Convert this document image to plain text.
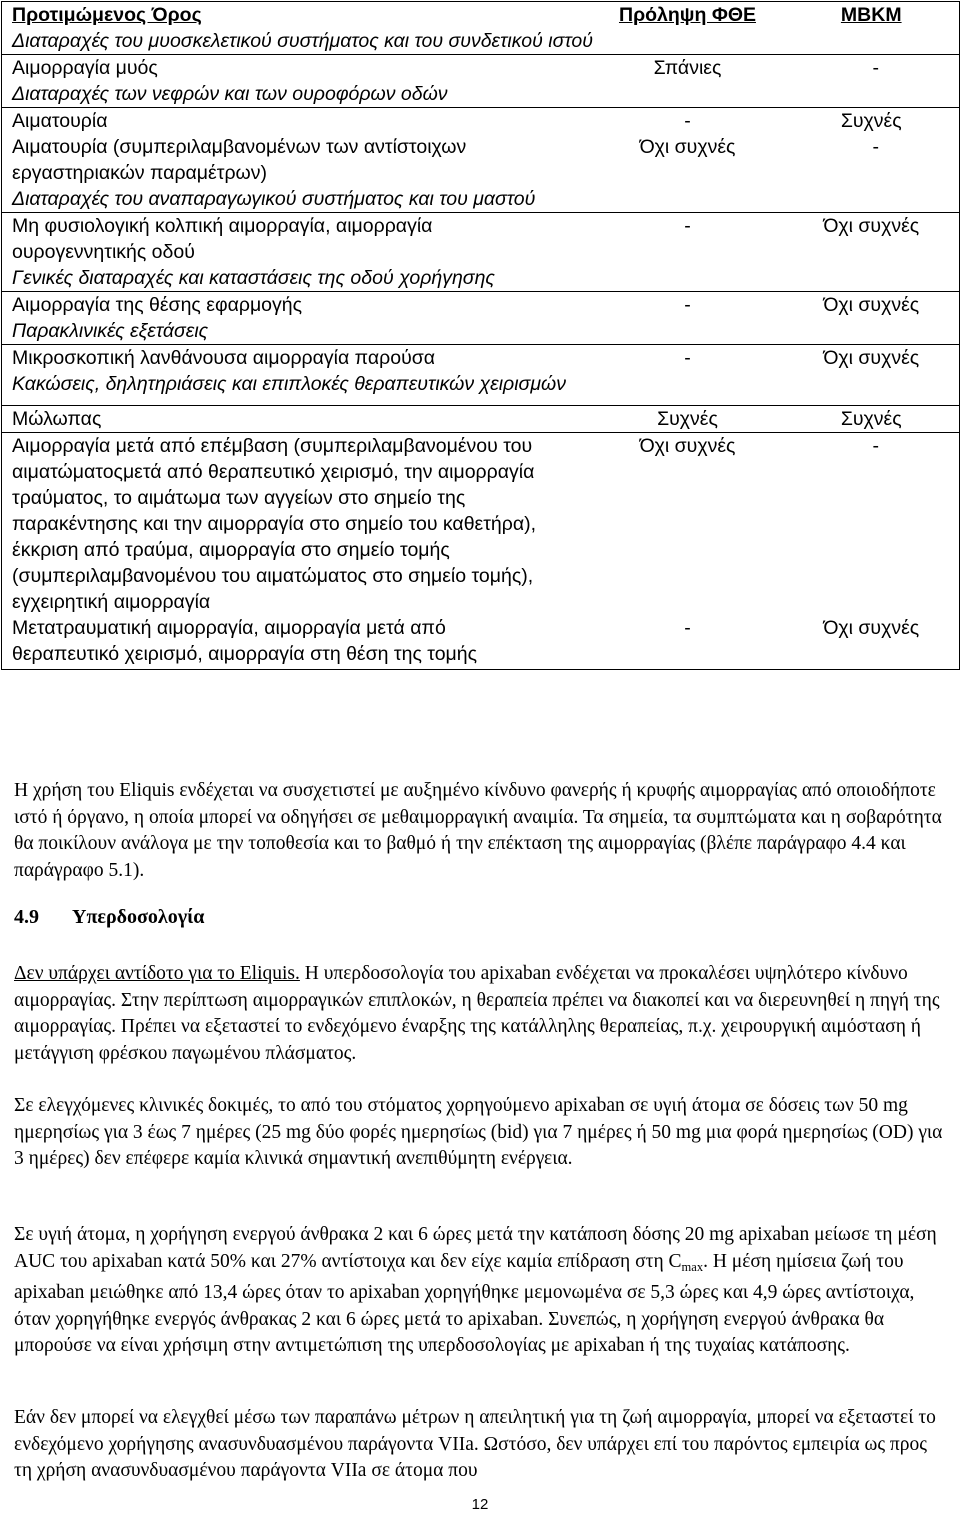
Προτιμώμενος Όρος	Πρόληψη ΦΘΕ	ΜΒΚΜ
Διαταραχές του μυοσκελετικού συστήματος και του συνδετικού ιστού		
Αιμορραγία μυός	Σπάνιες	-
Διαταραχές των νεφρών και των ουροφόρων οδών		
Αιματουρία	-	Συχνές
Αιματουρία (συμπεριλαμβανομένων των αντίστοιχων εργαστηριακών παραμέτρων)	Όχι συχνές	-
Διαταραχές του αναπαραγωγικού συστήματος και του μαστού		
Μη φυσιολογική κολπική αιμορραγία, αιμορραγία ουρογεννητικής οδού	-	Όχι συχνές
Γενικές διαταραχές και καταστάσεις της οδού χορήγησης		
Αιμορραγία της θέσης εφαρμογής	-	Όχι συχνές
Παρακλινικές εξετάσεις		
Μικροσκοπική λανθάνουσα αιμορραγία παρούσα	-	Όχι συχνές
Κακώσεις, δηλητηριάσεις και επιπλοκές θεραπευτικών χειρισμών		
Μώλωπας	Συχνές	Συχνές
Αιμορραγία μετά από επέμβαση (συμπεριλαμβανομένου του αιματώματοςμετά από θεραπευτικό χειρισμό, την αιμορραγία τραύματος, το αιμάτωμα των αγγείων στο σημείο της παρακέντησης και την αιμορραγία στο σημείο του καθετήρα), έκκριση από τραύμα, αιμορραγία στο σημείο τομής (συμπεριλαμβανομένου του αιματώματος στο σημείο τομής), εγχειρητική αιμορραγία	Όχι συχνές	-
Μετατραυματική αιμορραγία, αιμορραγία μετά από θεραπευτικό χειρισμό, αιμορραγία στη θέση της τομής	-	Όχι συχνές

Η χρήση του Eliquis ενδέχεται να συσχετιστεί με αυξημένο κίνδυνο φανερής ή κρυφής αιμορραγίας από οποιοδήποτε ιστό ή όργανο, η οποία μπορεί να οδηγήσει σε μεθαιμορραγική αναιμία. Τα σημεία, τα συμπτώματα και η σοβαρότητα θα ποικίλουν ανάλογα με την τοποθεσία και το βαθμό ή την επέκταση της αιμορραγίας (βλέπε παράγραφο 4.4 και παράγραφο 5.1).

4.9 Υπερδοσολογία

Δεν υπάρχει αντίδοτο για το Eliquis. Η υπερδοσολογία του apixaban ενδέχεται να προκαλέσει υψηλότερο κίνδυνο αιμορραγίας. Στην περίπτωση αιμορραγικών επιπλοκών, η θεραπεία πρέπει να διακοπεί και να διερευνηθεί η πηγή της αιμορραγίας. Πρέπει να εξεταστεί το ενδεχόμενο έναρξης της κατάλληλης θεραπείας, π.χ. χειρουργική αιμόσταση ή μετάγγιση φρέσκου παγωμένου πλάσματος.

Σε ελεγχόμενες κλινικές δοκιμές, το από του στόματος χορηγούμενο apixaban σε υγιή άτομα σε δόσεις των 50 mg ημερησίως για 3 έως 7 ημέρες (25 mg δύο φορές ημερησίως (bid) για 7 ημέρες ή 50 mg μια φορά ημερησίως (OD) για 3 ημέρες) δεν επέφερε καμία κλινικά σημαντική ανεπιθύμητη ενέργεια.

Σε υγιή άτομα, η χορήγηση ενεργού άνθρακα 2 και 6 ώρες μετά την κατάποση δόσης 20 mg apixaban μείωσε τη μέση AUC του apixaban κατά 50% και 27% αντίστοιχα και δεν είχε καμία επίδραση στη $C_{max}$. Η μέση ημίσεια ζωή του apixaban μειώθηκε από 13,4 ώρες όταν το apixaban χορηγήθηκε μεμονωμένα σε 5,3 ώρες και 4,9 ώρες αντίστοιχα, όταν χορηγήθηκε ενεργός άνθρακας 2 και 6 ώρες μετά το apixaban. Συνεπώς, η χορήγηση ενεργού άνθρακα θα μπορούσε να είναι χρήσιμη στην αντιμετώπιση της υπερδοσολογίας με apixaban ή της τυχαίας κατάποσης.

Εάν δεν μπορεί να ελεγχθεί μέσω των παραπάνω μέτρων η απειλητική για τη ζωή αιμορραγία, μπορεί να εξεταστεί το ενδεχόμενο χορήγησης ανασυνδυασμένου παράγοντα VIIa. Ωστόσο, δεν υπάρχει επί του παρόντος εμπειρία ως προς τη χρήση ανασυνδυασμένου παράγοντα VIIa σε άτομα που

12
